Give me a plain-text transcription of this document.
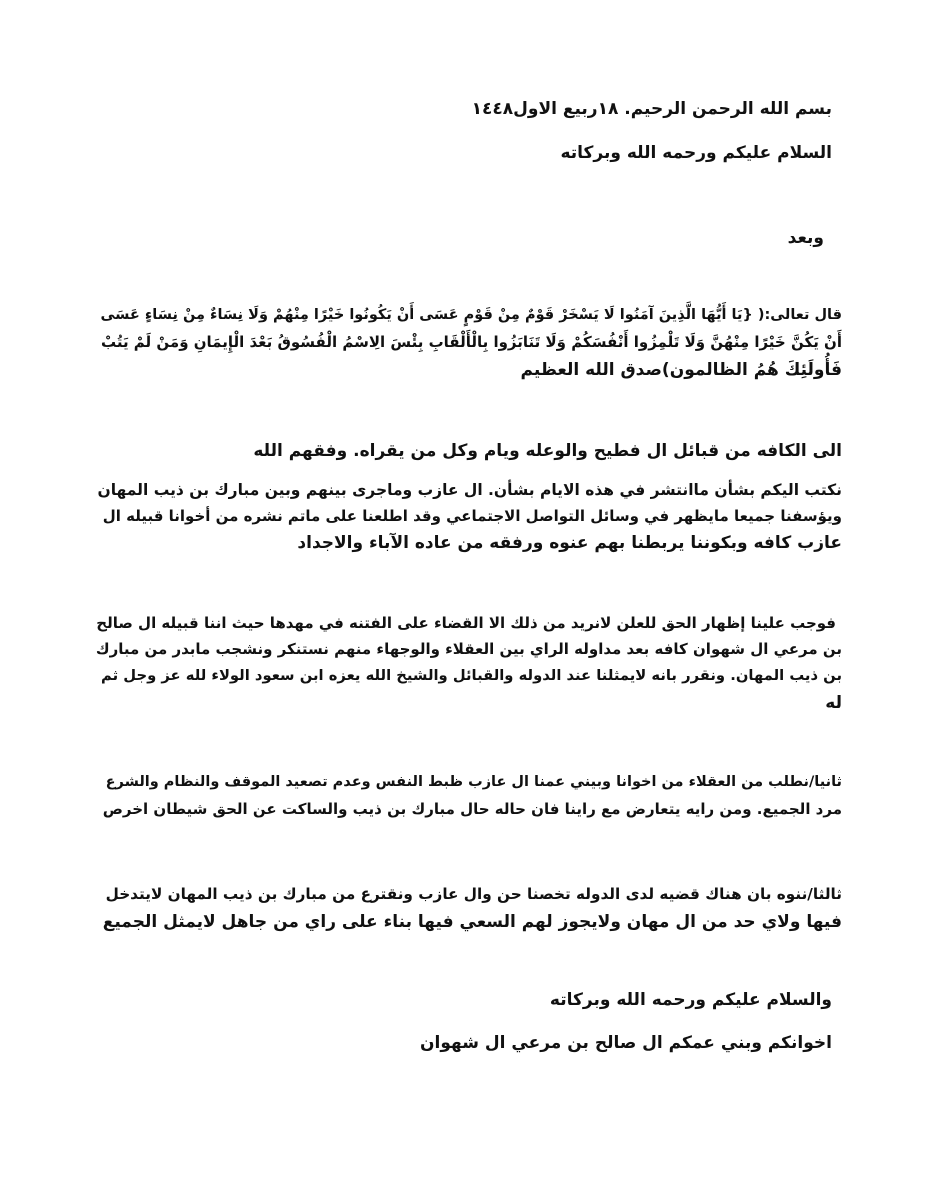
بسم الله الرحمن الرحيم. ١٨ربيع الاول١٤٤٨
السلام عليكم ورحمه الله وبركاته
وبعد
قال تعالى:( {يَا أَيُّهَا الَّذِينَ آمَنُوا لَا يَسْخَرْ قَوْمٌ مِنْ قَوْمٍ عَسَى أَنْ يَكُونُوا خَيْرًا مِنْهُمْ وَلَا نِسَاءٌ مِنْ نِسَاءٍ عَسَى
أَنْ يَكُنَّ خَيْرًا مِنْهُنَّ وَلَا تَلْمِزُوا أَنْفُسَكُمْ وَلَا تَنَابَزُوا بِالْأَلْقَابِ بِئْسَ الِاسْمُ الْفُسُوقُ بَعْدَ الْإِيمَانِ وَمَنْ لَمْ يَتُبْ
فَأُولَئِكَ هُمُ الظالمون)صدق الله العظيم
الى الكافه من قبائل ال فطيح والوعله ويام وكل من يقراه. وفقهم الله
نكتب اليكم بشأن ماانتشر في هذه الايام بشأن. ال عازب وماجرى بينهم وبين مبارك بن ذيب المهان
ويؤسفنا جميعا مايظهر في وسائل التواصل الاجتماعي وقد اطلعنا على ماتم نشره من أخوانا قبيله ال
عازب كافه وبكوننا يربطنا بهم عنوه ورفقه من عاده الآباء والاجداد
فوجب علينا إظهار الحق للعلن لانريد من ذلك الا القضاء على الفتنه في مهدها حيث اننا قبيله ال صالح
بن مرعي ال شهوان كافه بعد مداوله الراي بين العقلاء والوجهاء منهم نستنكر ونشجب مابدر من مبارك
بن ذيب المهان. ونقرر بانه لايمثلنا عند الدوله والقبائل والشيخ الله يعزه ابن سعود الولاء لله عز وجل ثم
له
ثانيا/نطلب من العقلاء من اخوانا وبيني عمنا ال عازب ظبط النفس وعدم تصعيد الموقف والنظام والشرع
مرد الجميع. ومن رايه يتعارض مع راينا فان حاله حال مبارك بن ذيب والساكت عن الحق شيطان اخرص
ثالثا/ننوه بان هناك قضيه لدى الدوله تخصنا حن وال عازب ونقترع من مبارك بن ذيب المهان لايتدخل
فيها ولاي حد من ال مهان ولايجوز لهم السعي فيها بناء على راي من جاهل لايمثل الجميع
والسلام عليكم ورحمه الله وبركاته
اخوانكم وبني عمكم ال صالح بن مرعي ال شهوان
